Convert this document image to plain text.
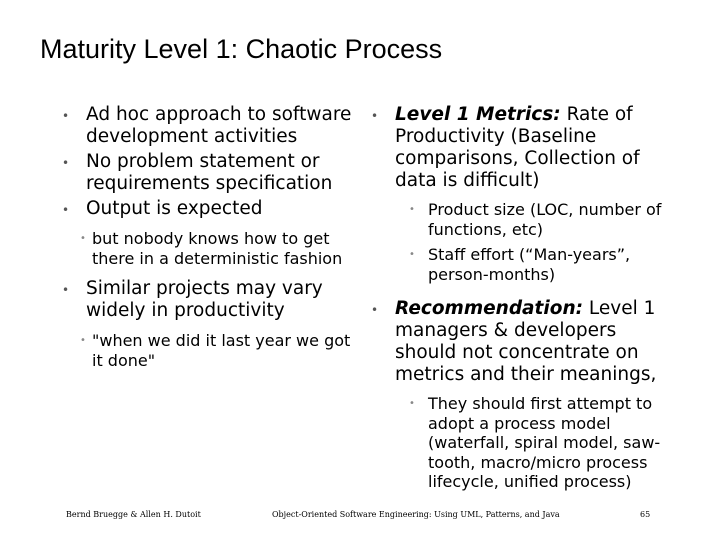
Maturity Level 1: Chaotic Process
• Ad hoc approach to software development activities
• No problem statement or requirements specification
• Output is expected
• but nobody knows how to get there in a deterministic fashion
• Similar projects may vary widely in productivity
• "when we did it last year we got it done"
• Level 1 Metrics: Rate of Productivity (Baseline comparisons, Collection of data is difficult)
• Product size (LOC, number of functions, etc)
• Staff effort (“Man-years”, person-months)
• Recommendation: Level 1 managers & developers should not concentrate on metrics and their meanings,
• They should first attempt to adopt a process model (waterfall, spiral model, saw-tooth, macro/micro process lifecycle, unified process)
Bernd Bruegge & Allen H. Dutoit	Object-Oriented Software Engineering: Using UML, Patterns, and Java	65
